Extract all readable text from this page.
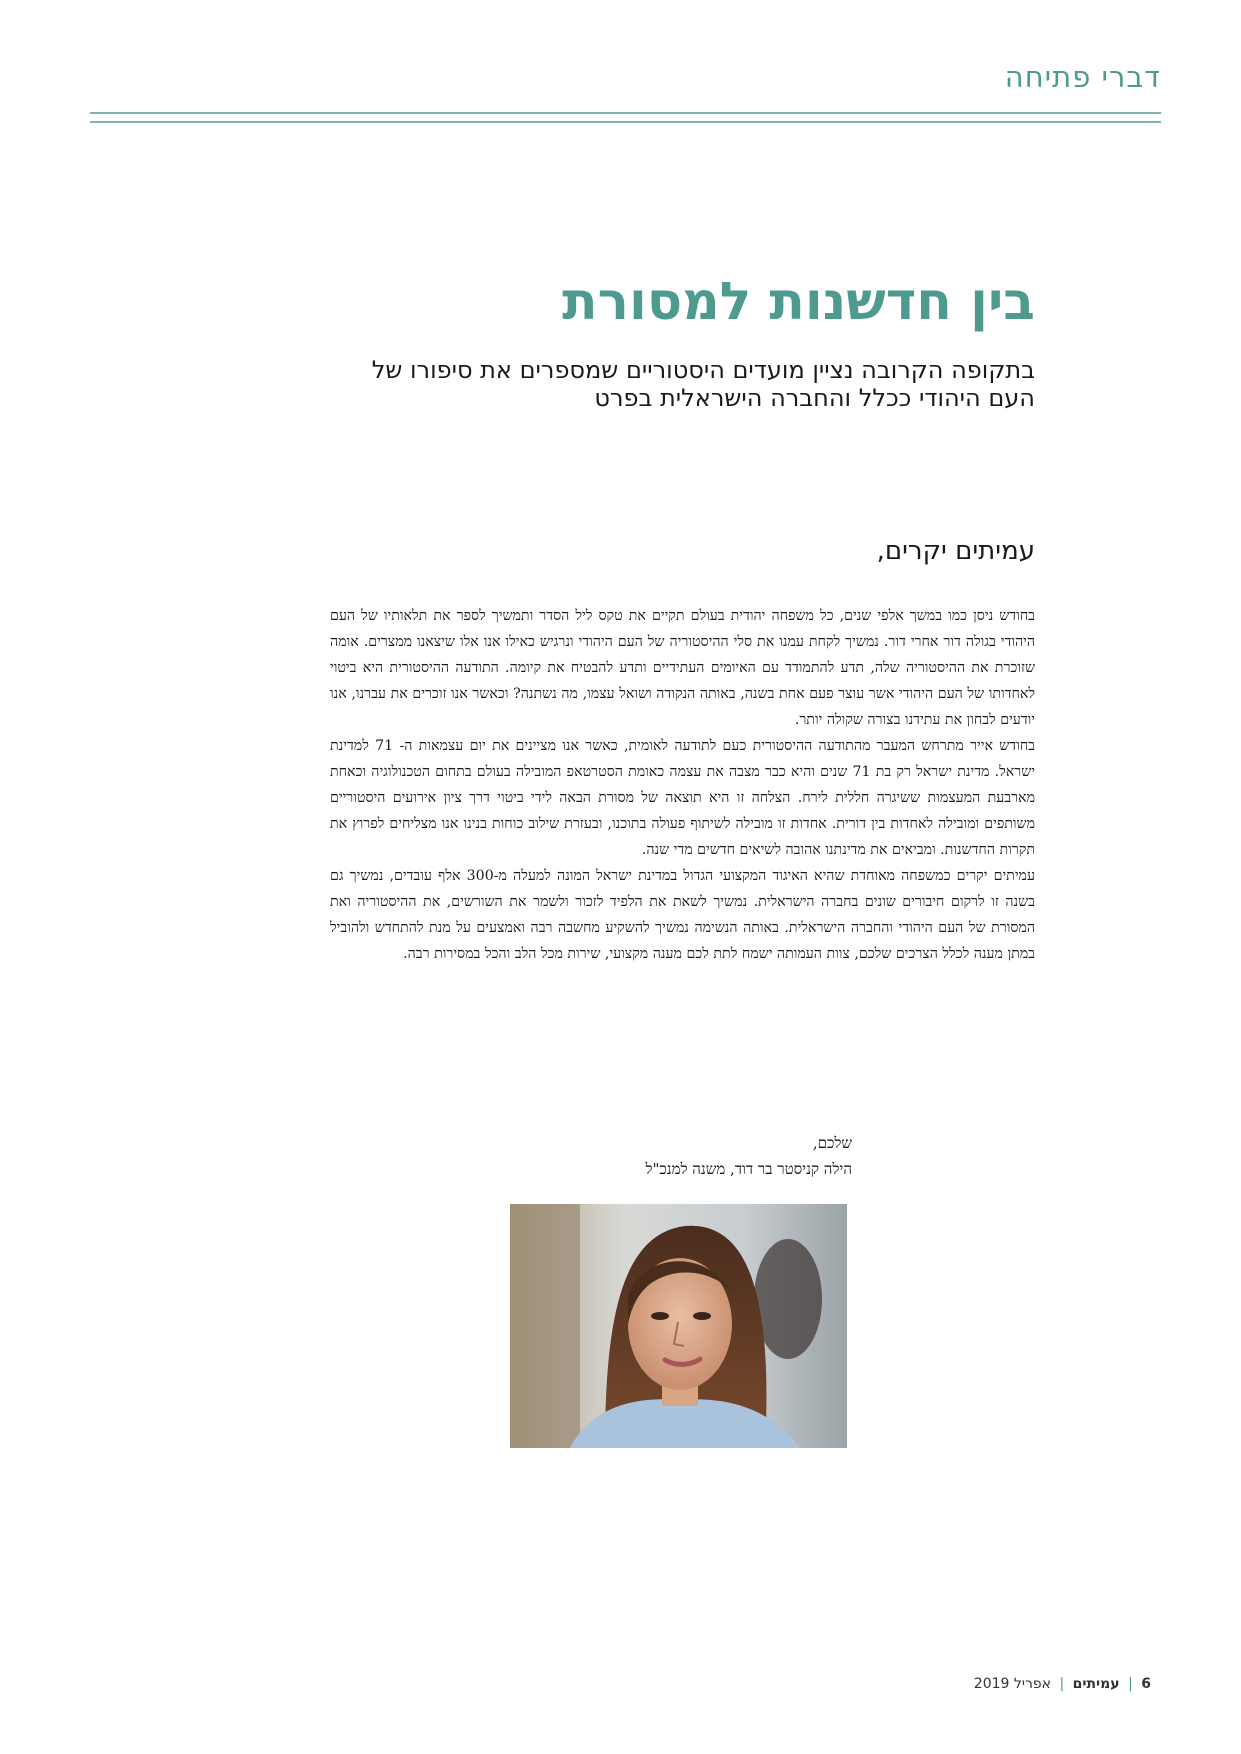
דברי פתיחה
בין חדשנות למסורת
בתקופה הקרובה נציין מועדים היסטוריים שמספרים את סיפורו של
העם היהודי ככלל והחברה הישראלית בפרט
עמיתים יקרים,

בחודש ניסן כמו במשך אלפי שנים, כל משפחה יהודית בעולם תקיים את טקס ליל הסדר ותמשיך לספר את תלאותיו של העם היהודי בגולה דור אחרי דור. נמשיך לקחת עמנו את סלי ההיסטוריה של העם היהודי ונרגיש כאילו אנו אלו שיצאנו ממצרים. אומה שזוכרת את ההיסטוריה שלה, תדע להתמודד עם האיומים העתידיים ותדע להבטיח את קיומה. התודעה ההיסטורית היא ביטוי לאחדותו של העם היהודי אשר עוצר פעם אחת בשנה, באותה הנקודה ושואל עצמו, מה נשתנה? וכאשר אנו זוכרים את עברנו, אנו יודעים לבחון את עתידנו בצורה שקולה יותר.

בחודש אייר מתרחש המעבר מהתודעה ההיסטורית כעם לתודעה לאומית, כאשר אנו מציינים את יום עצמאות ה- 71 למדינת ישראל. מדינת ישראל רק בת 71 שנים והיא כבר מצבה את עצמה כאומת הסטרטאפ המובילה בעולם בתחום הטכנולוגיה וכאחת מארבעת המעצמות ששיגרה חללית לירח. הצלחה זו היא תוצאה של מסורת הבאה לידי ביטוי דרך ציון אירועים היסטוריים משותפים ומובילה לאחדות בין דורית. אחדות זו מובילה לשיתוף פעולה בתוכנו, ובעזרת שילוב כוחות בנינו אנו מצליחים לפרוץ את תקרות החדשנות. ומביאים את מדינתנו אהובה לשיאים חדשים מדי שנה.

עמיתים יקרים כמשפחה מאוחדת שהיא האיגוד המקצועי הגדול במדינת ישראל המונה למעלה מ-300 אלף עובדים, נמשיך גם בשנה זו לרקום חיבורים שונים בחברה הישראלית. נמשיך לשאת את הלפיד לזכור ולשמר את השורשים, את ההיסטוריה ואת המסורת של העם היהודי והחברה הישראלית. באותה הנשימה נמשיך להשקיע מחשבה רבה ואמצעים על מנת להתחדש ולהוביל במתן מענה לכלל הצרכים שלכם, צוות העמותה ישמח לתת לכם מענה מקצועי, שירות מכל הלב והכל במסירות רבה.

שלכם,
הילה קניסטר בר דוד, משנה למנכ"ל
6 | עמיתים | אפריל 2019
